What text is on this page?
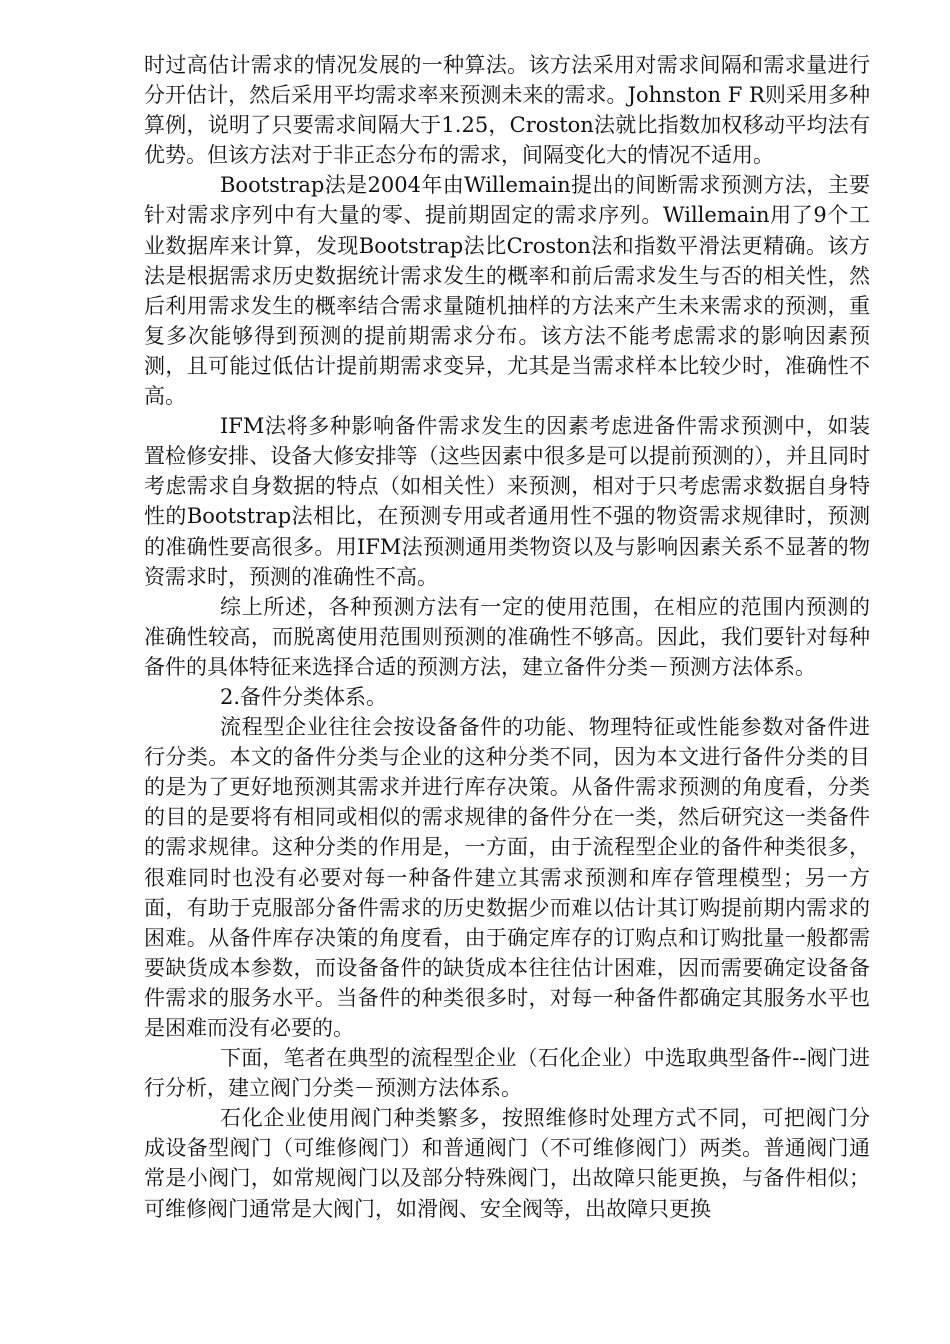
时过高估计需求的情况发展的一种算法。该方法采用对需求间隔和需求量进行分开估计，然后采用平均需求率来预测未来的需求。Johnston F R则采用多种算例，说明了只要需求间隔大于1.25，Croston法就比指数加权移动平均法有优势。但该方法对于非正态分布的需求，间隔变化大的情况不适用。

Bootstrap法是2004年由Willemain提出的间断需求预测方法，主要针对需求序列中有大量的零、提前期固定的需求序列。Willemain用了9个工业数据库来计算，发现Bootstrap法比Croston法和指数平滑法更精确。该方法是根据需求历史数据统计需求发生的概率和前后需求发生与否的相关性，然后利用需求发生的概率结合需求量随机抽样的方法来产生未来需求的预测，重复多次能够得到预测的提前期需求分布。该方法不能考虑需求的影响因素预测，且可能过低估计提前期需求变异，尤其是当需求样本比较少时，准确性不高。

IFM法将多种影响备件需求发生的因素考虑进备件需求预测中，如装置检修安排、设备大修安排等（这些因素中很多是可以提前预测的），并且同时考虑需求自身数据的特点（如相关性）来预测，相对于只考虑需求数据自身特性的Bootstrap法相比，在预测专用或者通用性不强的物资需求规律时，预测的准确性要高很多。用IFM法预测通用类物资以及与影响因素关系不显著的物资需求时，预测的准确性不高。

综上所述，各种预测方法有一定的使用范围，在相应的范围内预测的准确性较高，而脱离使用范围则预测的准确性不够高。因此，我们要针对每种备件的具体特征来选择合适的预测方法，建立备件分类－预测方法体系。

2.备件分类体系。

流程型企业往往会按设备备件的功能、物理特征或性能参数对备件进行分类。本文的备件分类与企业的这种分类不同，因为本文进行备件分类的目的是为了更好地预测其需求并进行库存决策。从备件需求预测的角度看，分类的目的是要将有相同或相似的需求规律的备件分在一类，然后研究这一类备件的需求规律。这种分类的作用是，一方面，由于流程型企业的备件种类很多，很难同时也没有必要对每一种备件建立其需求预测和库存管理模型；另一方面，有助于克服部分备件需求的历史数据少而难以估计其订购提前期内需求的困难。从备件库存决策的角度看，由于确定库存的订购点和订购批量一般都需要缺货成本参数，而设备备件的缺货成本往往估计困难，因而需要确定设备备件需求的服务水平。当备件的种类很多时，对每一种备件都确定其服务水平也是困难而没有必要的。

下面，笔者在典型的流程型企业（石化企业）中选取典型备件--阀门进行分析，建立阀门分类－预测方法体系。

石化企业使用阀门种类繁多，按照维修时处理方式不同，可把阀门分成设备型阀门（可维修阀门）和普通阀门（不可维修阀门）两类。普通阀门通常是小阀门，如常规阀门以及部分特殊阀门，出故障只能更换，与备件相似；可维修阀门通常是大阀门，如滑阀、安全阀等，出故障只更换
